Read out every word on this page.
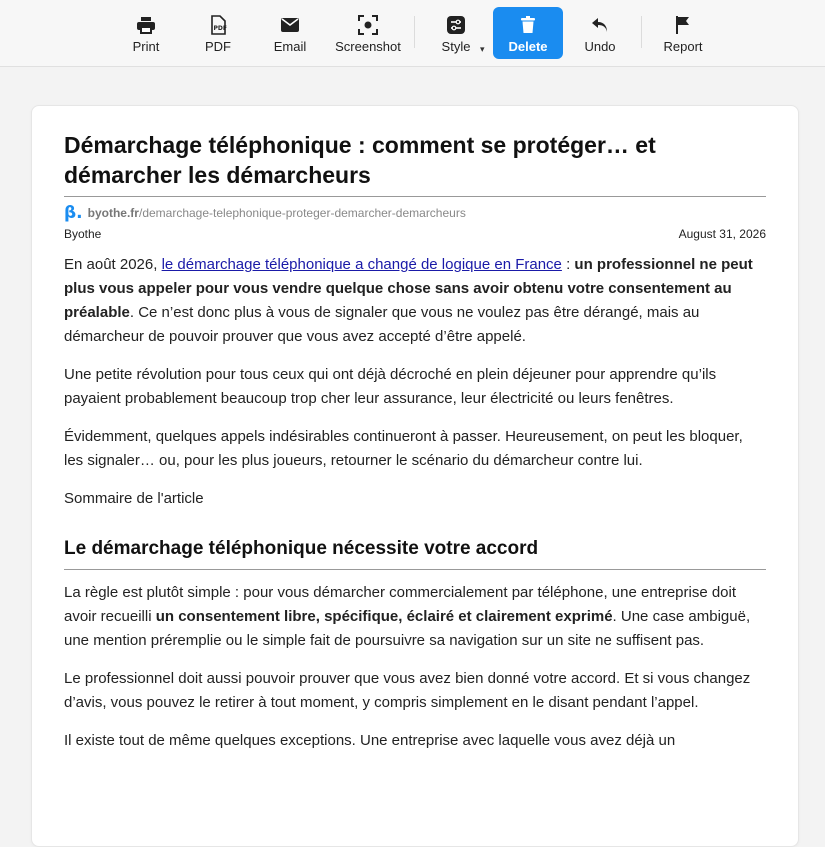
Print
PDF
PDF	Email Screenshot	Style ▾ Delete	Undo	Report
Démarchage téléphonique : comment se protéger… et démarcher les démarcheurs
β. byothe.fr /demarchage-telephonique-proteger-demarcher-demarcheurs
Byothe	August 31, 2026

En août 2026, le démarchage téléphonique a changé de logique en France : un professionnel ne peut plus vous appeler pour vous vendre quelque chose sans avoir obtenu votre consentement au préalable. Ce n’est donc plus à vous de signaler que vous ne voulez pas être dérangé, mais au démarcheur de pouvoir prouver que vous avez accepté d’être appelé.

Une petite révolution pour tous ceux qui ont déjà décroché en plein déjeuner pour apprendre qu’ils payaient probablement beaucoup trop cher leur assurance, leur électricité ou leurs fenêtres.

Évidemment, quelques appels indésirables continueront à passer. Heureusement, on peut les bloquer, les signaler… ou, pour les plus joueurs, retourner le scénario du démarcheur contre lui.

Sommaire de l'article

Le démarchage téléphonique nécessite votre accord

La règle est plutôt simple : pour vous démarcher commercialement par téléphone, une entreprise doit avoir recueilli un consentement libre, spécifique, éclairé et clairement exprimé. Une case ambiguë, une mention préremplie ou le simple fait de poursuivre sa navigation sur un site ne suffisent pas.

Le professionnel doit aussi pouvoir prouver que vous avez bien donné votre accord. Et si vous changez d’avis, vous pouvez le retirer à tout moment, y compris simplement en le disant pendant l’appel.

Il existe tout de même quelques exceptions. Une entreprise avec laquelle vous avez déjà un
